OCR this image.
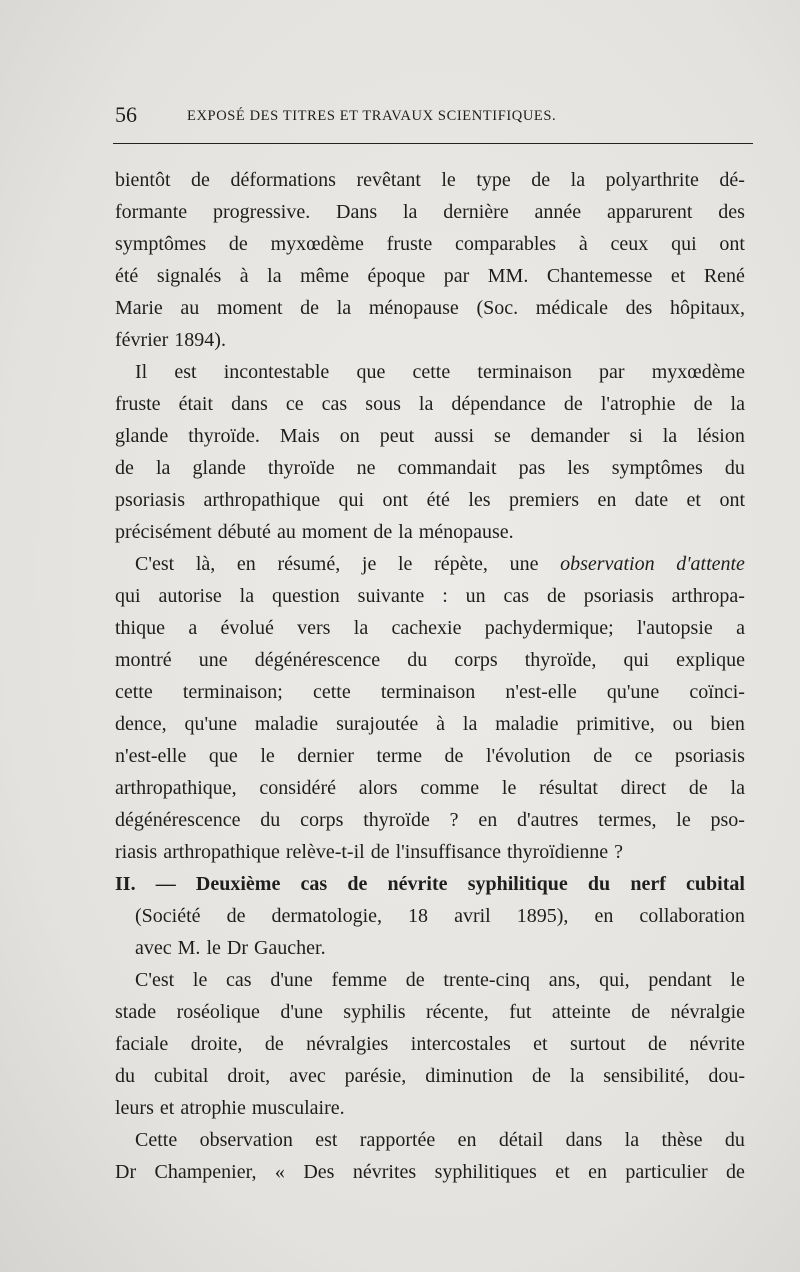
56	EXPOSÉ DES TITRES ET TRAVAUX SCIENTIFIQUES.
bientôt de déformations revêtant le type de la polyarthrite dé-
formante progressive. Dans la dernière année apparurent des
symptômes de myxœdème fruste comparables à ceux qui ont
été signalés à la même époque par MM. Chantemesse et René
Marie au moment de la ménopause (Soc. médicale des hôpitaux,
février 1894).
Il est incontestable que cette terminaison par myxœdème
fruste était dans ce cas sous la dépendance de l'atrophie de la
glande thyroïde. Mais on peut aussi se demander si la lésion
de la glande thyroïde ne commandait pas les symptômes du
psoriasis arthropathique qui ont été les premiers en date et ont
précisément débuté au moment de la ménopause.
C'est là, en résumé, je le répète, une observation d'attente
qui autorise la question suivante : un cas de psoriasis arthropa-
thique a évolué vers la cachexie pachydermique; l'autopsie a
montré une dégénérescence du corps thyroïde, qui explique
cette terminaison; cette terminaison n'est-elle qu'une coïnci-
dence, qu'une maladie surajoutée à la maladie primitive, ou bien
n'est-elle que le dernier terme de l'évolution de ce psoriasis
arthropathique, considéré alors comme le résultat direct de la
dégénérescence du corps thyroïde ? en d'autres termes, le pso-
riasis arthropathique relève-t-il de l'insuffisance thyroïdienne ?
II. — Deuxième cas de névrite syphilitique du nerf cubital
(Société de dermatologie, 18 avril 1895), en collaboration
avec M. le Dr Gaucher.
C'est le cas d'une femme de trente-cinq ans, qui, pendant le
stade roséolique d'une syphilis récente, fut atteinte de névralgie
faciale droite, de névralgies intercostales et surtout de névrite
du cubital droit, avec parésie, diminution de la sensibilité, dou-
leurs et atrophie musculaire.
Cette observation est rapportée en détail dans la thèse du
Dr Champenier, « Des névrites syphilitiques et en particulier de
